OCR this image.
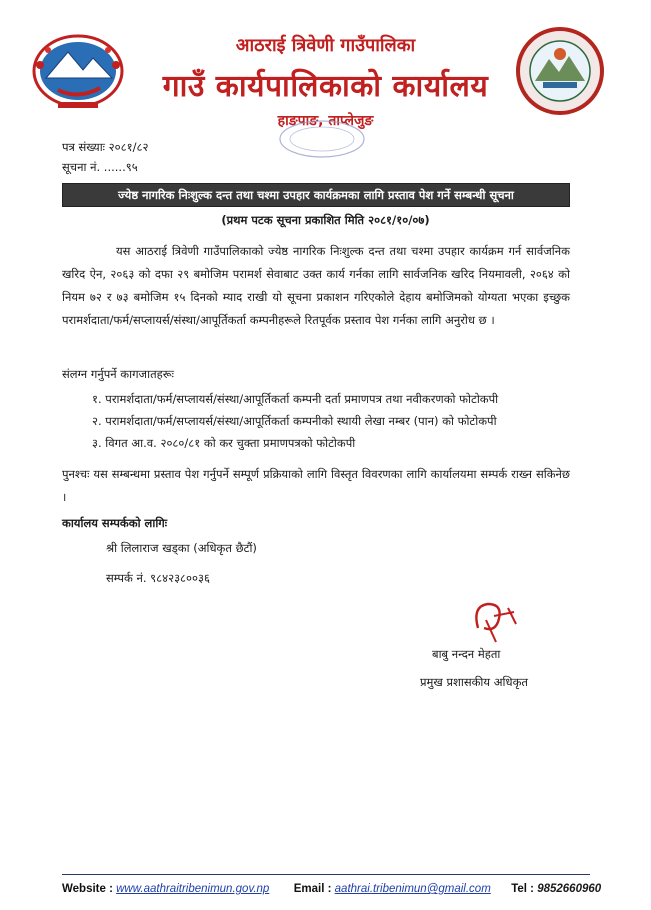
आठराई त्रिवेणी गाउँपालिका
गाउँ कार्यपालिकाको कार्यालय
हाङपाङ, ताप्लेजुङ
पत्र संख्याः २०८१/८२
सूचना नं. ......९५
ज्येष्ठ नागरिक निःशुल्क दन्त तथा चश्मा उपहार कार्यक्रमका लागि प्रस्ताव पेश गर्ने सम्बन्धी सूचना
(प्रथम पटक सूचना प्रकाशित मिति २०८१/१०/०७)

यस आठराई त्रिवेणी गाउँपालिकाको ज्येष्ठ नागरिक निःशुल्क दन्त तथा चश्मा उपहार कार्यक्रम गर्न सार्वजनिक खरिद ऐन, २०६३ को दफा २९ बमोजिम परामर्श सेवाबाट उक्त कार्य गर्नका लागि सार्वजनिक खरिद नियमावली, २०६४ को नियम ७२ र ७३ बमोजिम १५ दिनको म्याद राखी यो सूचना प्रकाशन गरिएकोले देहाय बमोजिमको योग्यता भएका इच्छुक परामर्शदाता/फर्म/सप्लायर्स/संस्था/आपूर्तिकर्ता कम्पनीहरूले रितपूर्वक प्रस्ताव पेश गर्नका लागि अनुरोध छ ।

संलग्न गर्नुपर्ने कागजातहरूः
१. परामर्शदाता/फर्म/सप्लायर्स/संस्था/आपूर्तिकर्ता कम्पनी दर्ता प्रमाणपत्र तथा नवीकरणको फोटोकपी
२. परामर्शदाता/फर्म/सप्लायर्स/संस्था/आपूर्तिकर्ता कम्पनीको स्थायी लेखा नम्बर (पान) को फोटोकपी
३. विगत आ.व. २०८०/८१ को कर चुक्ता प्रमाणपत्रको फोटोकपी
पुनश्चः यस सम्बन्धमा प्रस्ताव पेश गर्नुपर्ने सम्पूर्ण प्रक्रियाको लागि विस्तृत विवरणका लागि कार्यालयमा सम्पर्क राख्न सकिनेछ ।
कार्यालय सम्पर्कको लागिः
श्री लिलाराज खड्का (अधिकृत छैटौं)
सम्पर्क नं. ९८४२३८००३६
बाबु नन्दन मेहता
प्रमुख प्रशासकीय अधिकृत
Website : www.aathraitribenimun.gov.np Email : aathrai.tribenimun@gmail.com Tel : 9852660960
